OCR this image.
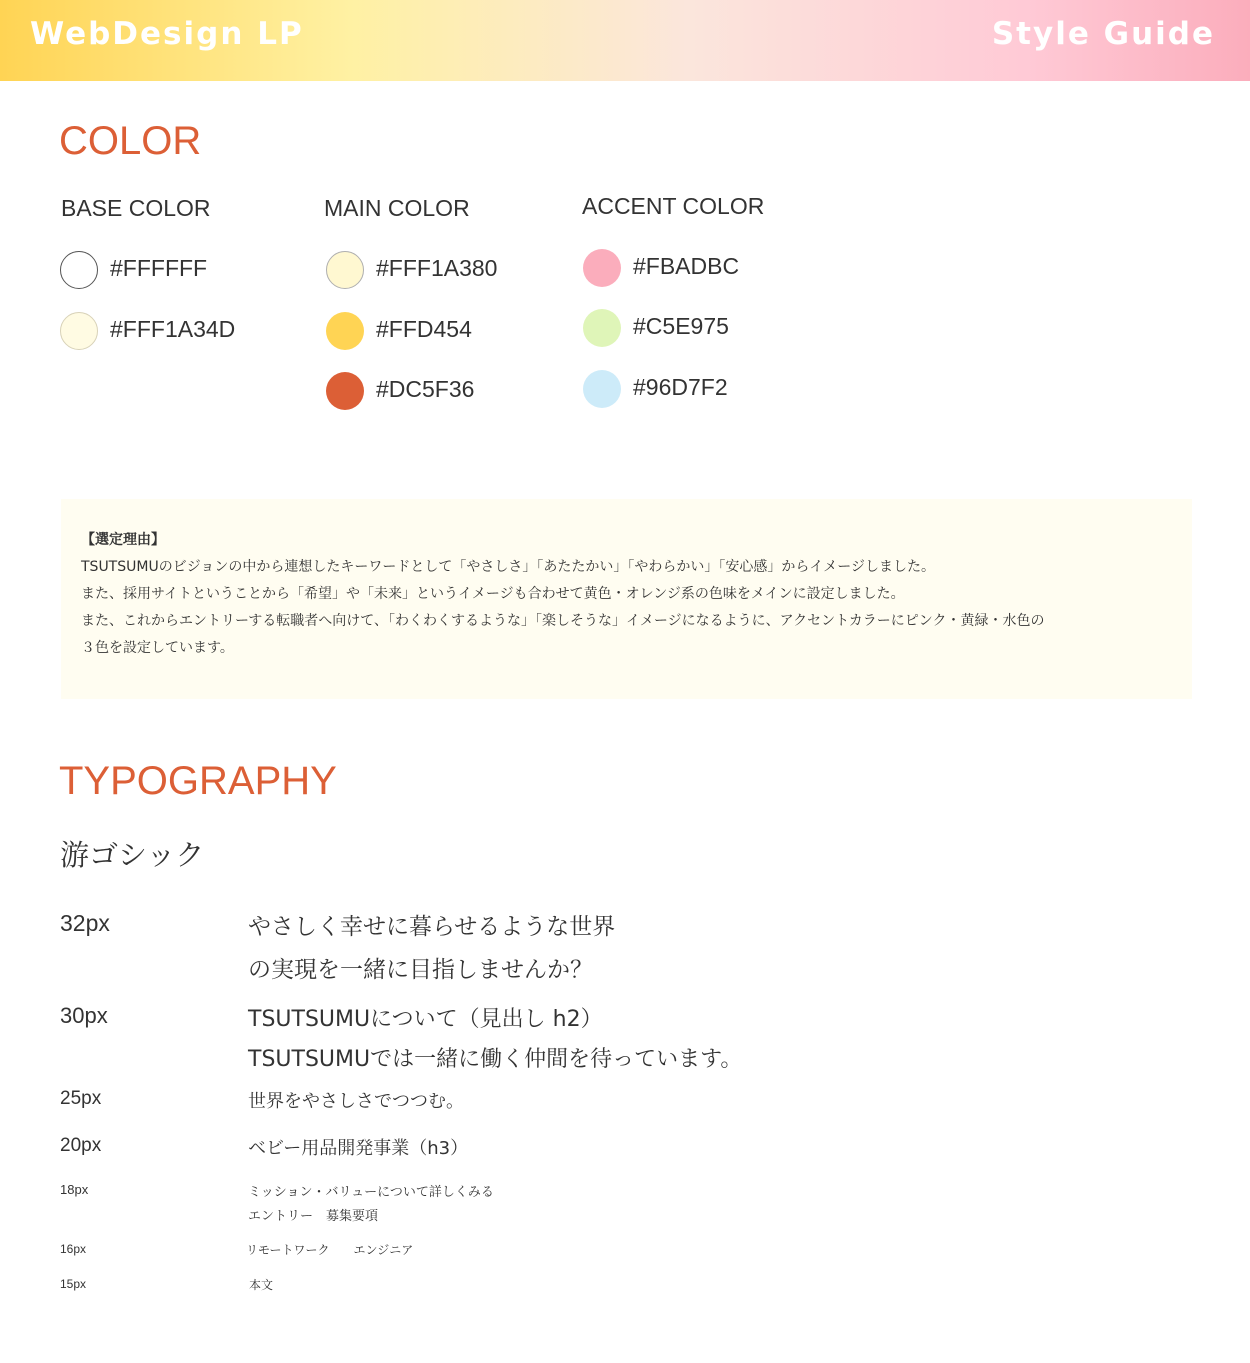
WebDesign LP	Style Guide
COLOR
BASE COLOR
#FFFFFF
#FFF1A34D
MAIN COLOR
#FFF1A380
#FFD454
#DC5F36
ACCENT COLOR
#FBADBC
#C5E975
#96D7F2

【選定理由】

TSUTSUMUのビジョンの中から連想したキーワードとして「やさしさ」「あたたかい」「やわらかい」「安心感」からイメージしました。

また、採用サイトということから「希望」や「未来」というイメージも合わせて黄色・オレンジ系の色味をメインに設定しました。

また、これからエントリーする転職者へ向けて、「わくわくするような」「楽しそうな」イメージになるように、アクセントカラーにピンク・黄緑・水色の

３色を設定しています。

TYPOGRAPHY
游ゴシック
32px	やさしく幸せに暮らせるような世界
の実現を一緒に目指しませんか？
30px	TSUTSUMUについて（見出し h2）
TSUTSUMUでは一緒に働く仲間を待っています。
25px	世界をやさしさでつつむ。
20px	ベビー用品開発事業（h3）
18px	ミッション・バリューについて詳しくみる
エントリー　募集要項
16px	リモートワーク　　エンジニア
15px	本文
